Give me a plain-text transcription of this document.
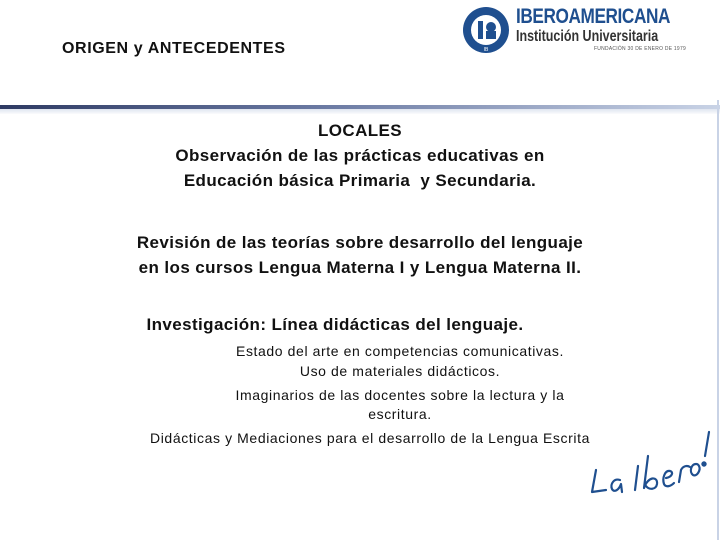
ORIGEN y ANTECEDENTES	IB
IBEROAMERICANA
Institución Universitaria
FUNDACIÓN 30 DE ENERO DE 1979
LOCALES
Observación de las prácticas educativas en
Educación básica Primaria  y Secundaria.
Revisión de las teorías sobre desarrollo del lenguaje
en los cursos Lengua Materna I y Lengua Materna II.
Investigación: Línea didácticas del lenguaje.
Estado del arte en competencias comunicativas.
Uso de materiales didácticos.
Imaginarios de las docentes sobre la lectura y la
escritura.
Didácticas y Mediaciones para el desarrollo de la Lengua Escrita
